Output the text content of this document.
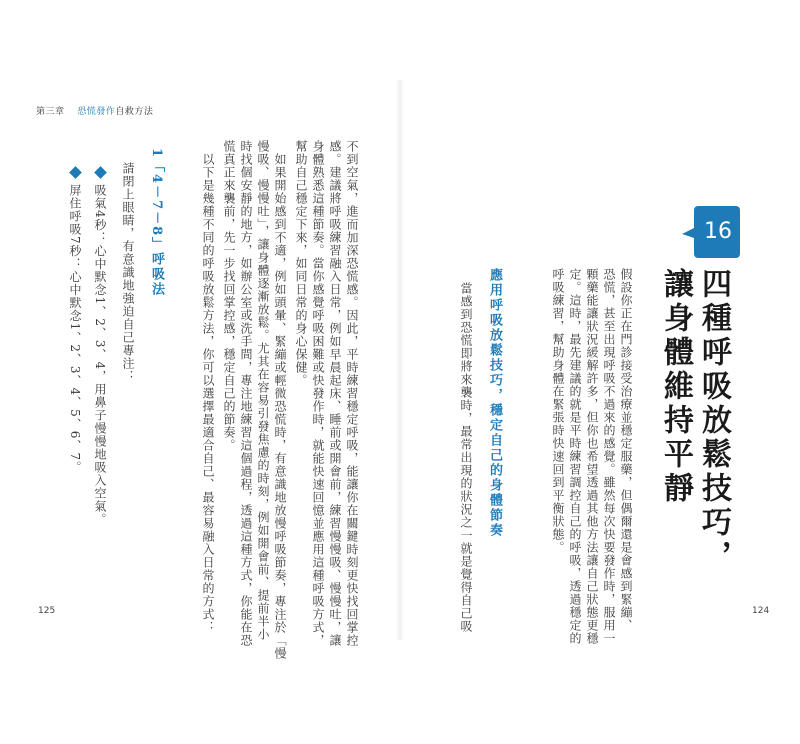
第三章　 恐慌發作自救方法
125	不到空氣，進而加深恐慌感。因此，平時練習穩定呼吸，能讓你在關鍵時刻更快找回掌控
感。建議將呼吸練習融入日常，例如早晨起床、睡前或開會前，練習慢慢吸、慢慢吐，讓
身體熟悉這種節奏。當你感覺呼吸困難或快發作時，就能快速回憶並應用這種呼吸方式，
幫助自己穩定下來，如同日常的身心保健。
　如果開始感到不適，例如頭暈、緊繃或輕微恐慌時，有意識地放慢呼吸節奏，專注於「慢
慢吸、慢慢吐」，讓身體逐漸放鬆。尤其在容易引發焦慮的時刻，例如開會前、提前半小
時找個安靜的地方，如辦公室或洗手間，專注地練習這個過程，透過這種方式，你能在恐
慌真正來襲前，先一步找回掌控感，穩定自己的節奏。
　以下是幾種不同的呼吸放鬆方法，你可以選擇最適合自己、最容易融入日常的方式：
1「4－7－8」呼吸法
請閉上眼睛，有意識地強迫自己專注：
吸氣4秒：心中默念1、2、3、4，用鼻子慢慢地吸入空氣。
屏住呼吸7秒：心中默念1、2、3、4、5、6、7。	16
四種呼吸放鬆技巧，
讓身體維持平靜
假設你正在門診接受治療並穩定服藥，但偶爾還是會感到緊繃、
恐慌，甚至出現呼吸不過來的感覺。雖然每次快要發作時，服用一
顆藥能讓狀況緩解許多，但你也希望透過其他方法讓自己狀態更穩
定。這時，最先建議的就是平時練習調控自己的呼吸，透過穩定的
呼吸練習，幫助身體在緊張時快速回到平衡狀態。
應用呼吸放鬆技巧，穩定自己的身體節奏
當感到恐慌即將來襲時，最常出現的狀況之一就是覺得自己吸	124
